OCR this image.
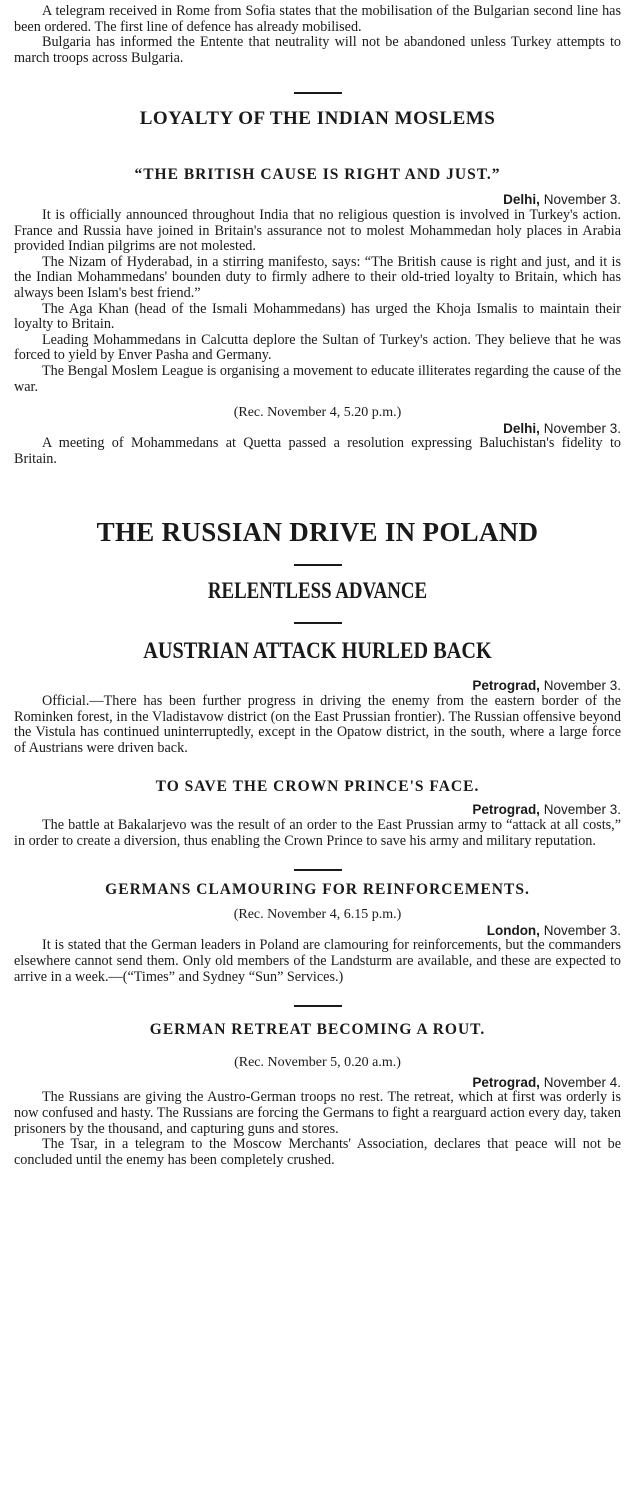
A telegram received in Rome from Sofia states that the mobilisation of the Bulgarian second line has been ordered. The first line of defence has already mobilised.

Bulgaria has informed the Entente that neutrality will not be abandoned unless Turkey attempts to march troops across Bulgaria.

LOYALTY OF THE INDIAN MOSLEMS
“THE BRITISH CAUSE IS RIGHT AND JUST.”

Delhi, November 3.

It is officially announced throughout India that no religious question is involved in Turkey's action. France and Russia have joined in Britain's assurance not to molest Mohammedan holy places in Arabia provided Indian pilgrims are not molested.

The Nizam of Hyderabad, in a stirring manifesto, says: “The British cause is right and just, and it is the Indian Mohammedans' bounden duty to firmly adhere to their old-tried loyalty to Britain, which has always been Islam's best friend.”

The Aga Khan (head of the Ismali Mohammedans) has urged the Khoja Ismalis to maintain their loyalty to Britain.

Leading Mohammedans in Calcutta deplore the Sultan of Turkey's action. They believe that he was forced to yield by Enver Pasha and Germany.

The Bengal Moslem League is organising a movement to educate illiterates regarding the cause of the war.

(Rec. November 4, 5.20 p.m.)

Delhi, November 3.

A meeting of Mohammedans at Quetta passed a resolution expressing Baluchistan's fidelity to Britain.

THE RUSSIAN DRIVE IN POLAND
RELENTLESS ADVANCE
AUSTRIAN ATTACK HURLED BACK

Petrograd, November 3.

Official.—There has been further progress in driving the enemy from the eastern border of the Rominken forest, in the Vladistavow district (on the East Prussian frontier). The Russian offensive beyond the Vistula has continued uninterruptedly, except in the Opatow district, in the south, where a large force of Austrians were driven back.

TO SAVE THE CROWN PRINCE'S FACE.

Petrograd, November 3.

The battle at Bakalarjevo was the result of an order to the East Prussian army to “attack at all costs,” in order to create a diversion, thus enabling the Crown Prince to save his army and military reputation.

GERMANS CLAMOURING FOR REINFORCEMENTS.

(Rec. November 4, 6.15 p.m.)

London, November 3.

It is stated that the German leaders in Poland are clamouring for reinforcements, but the commanders elsewhere cannot send them. Only old members of the Landsturm are available, and these are expected to arrive in a week.—(“Times” and Sydney “Sun” Services.)

GERMAN RETREAT BECOMING A ROUT.

(Rec. November 5, 0.20 a.m.)

Petrograd, November 4.

The Russians are giving the Austro-German troops no rest. The retreat, which at first was orderly is now confused and hasty. The Russians are forcing the Germans to fight a rearguard action every day, taken prisoners by the thousand, and capturing guns and stores.

The Tsar, in a telegram to the Moscow Merchants' Association, declares that peace will not be concluded until the enemy has been completely crushed.
